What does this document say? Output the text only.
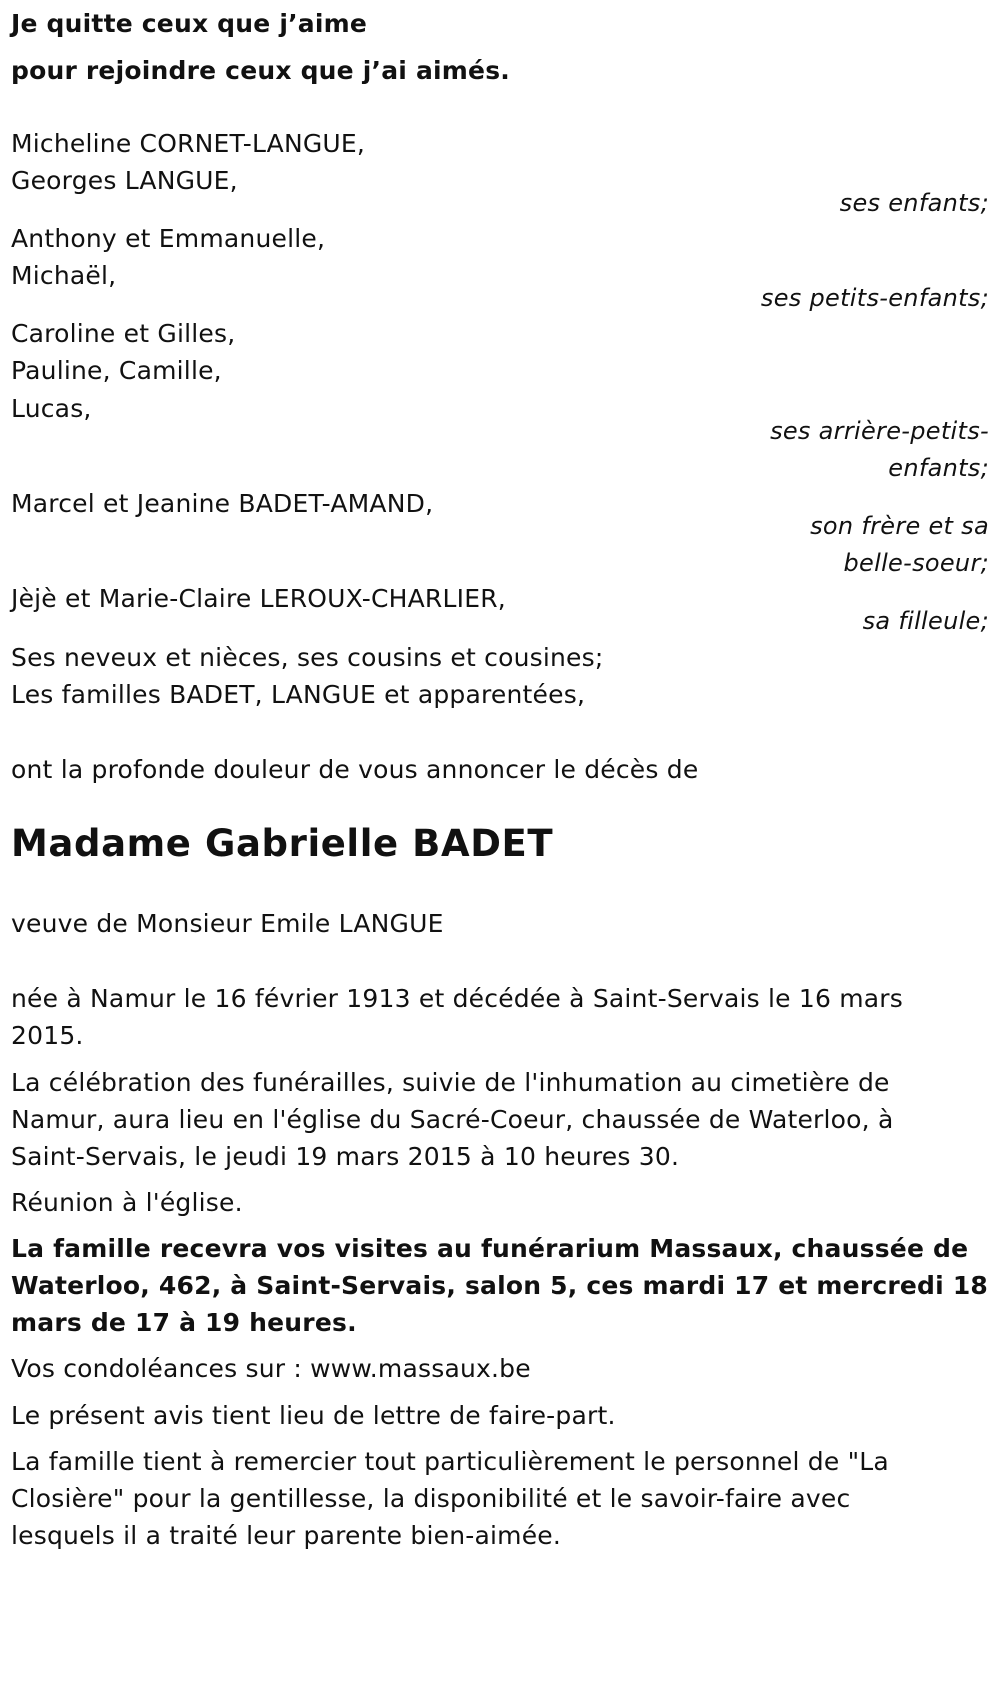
Je quitte ceux que j’aime
pour rejoindre ceux que j’ai aimés.
Micheline CORNET-LANGUE,
Georges LANGUE,
ses enfants;
Anthony et Emmanuelle,
Michaël,
ses petits-enfants;
Caroline et Gilles,
Pauline, Camille,
Lucas,
ses arrière-petits-
enfants;
Marcel et Jeanine BADET-AMAND,
son frère et sa
belle-soeur;
Jèjè et Marie-Claire LEROUX-CHARLIER,
sa filleule;
Ses neveux et nièces, ses cousins et cousines;
Les familles BADET, LANGUE et apparentées,
ont la profonde douleur de vous annoncer le décès de
Madame Gabrielle BADET
veuve de Monsieur Emile LANGUE
née à Namur le 16 février 1913 et décédée à Saint-Servais le 16 mars
2015.
La célébration des funérailles, suivie de l'inhumation au cimetière de
Namur, aura lieu en l'église du Sacré-Coeur, chaussée de Waterloo, à
Saint-Servais, le jeudi 19 mars 2015 à 10 heures 30.
Réunion à l'église.
La famille recevra vos visites au funérarium Massaux, chaussée de
Waterloo, 462, à Saint-Servais, salon 5, ces mardi 17 et mercredi 18
mars de 17 à 19 heures.
Vos condoléances sur : www.massaux.be
Le présent avis tient lieu de lettre de faire-part.
La famille tient à remercier tout particulièrement le personnel de "La
Closière" pour la gentillesse, la disponibilité et le savoir-faire avec
lesquels il a traité leur parente bien-aimée.
